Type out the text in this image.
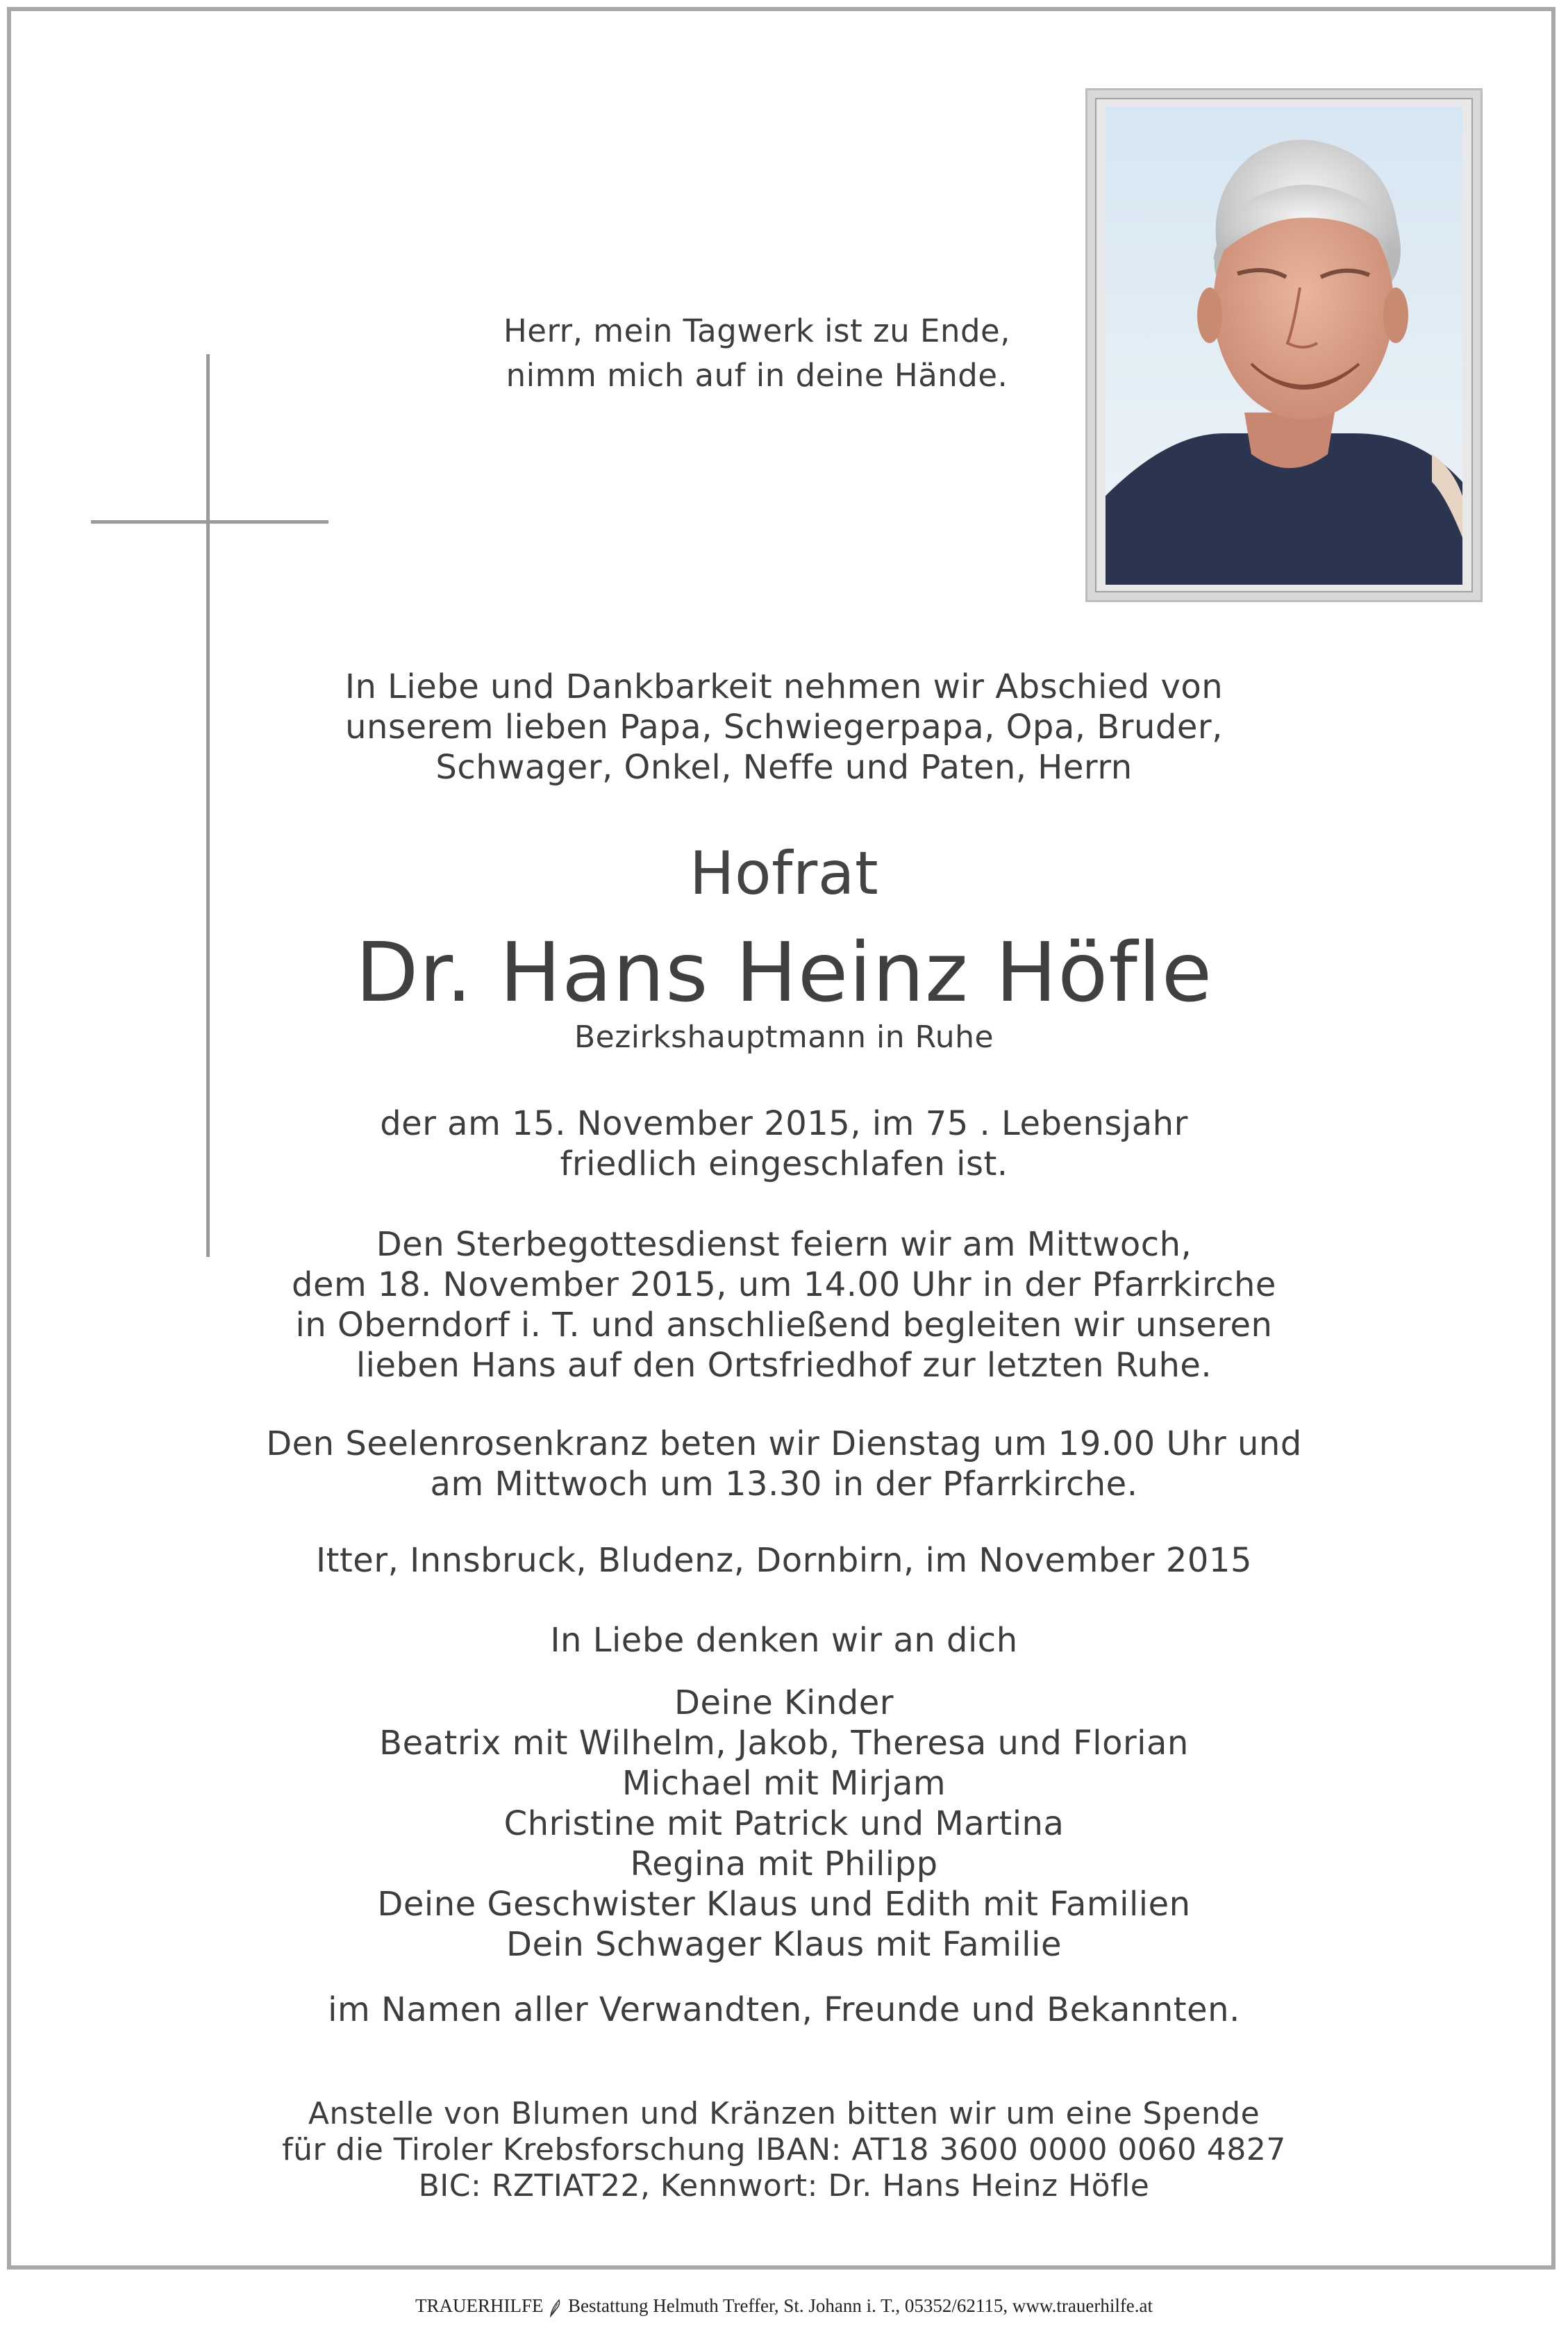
Herr, mein Tagwerk ist zu Ende,
nimm mich auf in deine Hände.
In Liebe und Dankbarkeit nehmen wir Abschied von
unserem lieben Papa, Schwiegerpapa, Opa, Bruder,
Schwager, Onkel, Neffe und Paten, Herrn
Hofrat
Dr. Hans Heinz Höfle
Bezirkshauptmann in Ruhe
der am 15. November 2015, im 75 . Lebensjahr
friedlich eingeschlafen ist.
Den Sterbegottesdienst feiern wir am Mittwoch,
dem 18. November 2015, um 14.00 Uhr in der Pfarrkirche
in Oberndorf i. T. und anschließend begleiten wir unseren
lieben Hans auf den Ortsfriedhof zur letzten Ruhe.
Den Seelenrosenkranz beten wir Dienstag um 19.00 Uhr und
am Mittwoch um 13.30 in der Pfarrkirche.
Itter, Innsbruck, Bludenz, Dornbirn, im November 2015
In Liebe denken wir an dich
Deine Kinder
Beatrix mit Wilhelm, Jakob, Theresa und Florian
Michael mit Mirjam
Christine mit Patrick und Martina
Regina mit Philipp
Deine Geschwister Klaus und Edith mit Familien
Dein Schwager Klaus mit Familie
im Namen aller Verwandten, Freunde und Bekannten.
Anstelle von Blumen und Kränzen bitten wir um eine Spende
für die Tiroler Krebsforschung IBAN: AT18 3600 0000 0060 4827
BIC: RZTIAT22, Kennwort: Dr. Hans Heinz Höfle
TRAUERHILFE Bestattung Helmuth Treffer, St. Johann i. T., 05352/62115, www.trauerhilfe.at
